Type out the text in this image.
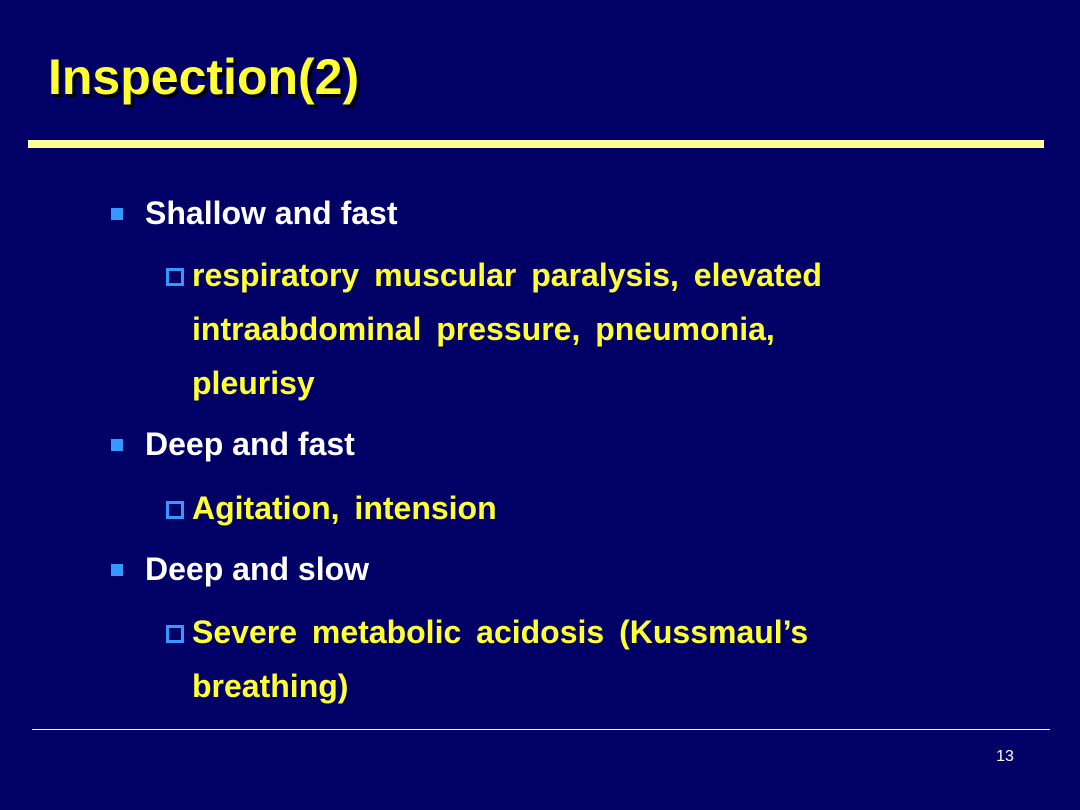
Inspection(2)
Shallow and fast
respiratory muscular paralysis, elevated
intraabdominal pressure, pneumonia,
pleurisy
Deep and fast
Agitation, intension
Deep and slow
Severe metabolic acidosis (Kussmaul’s
breathing)
13
